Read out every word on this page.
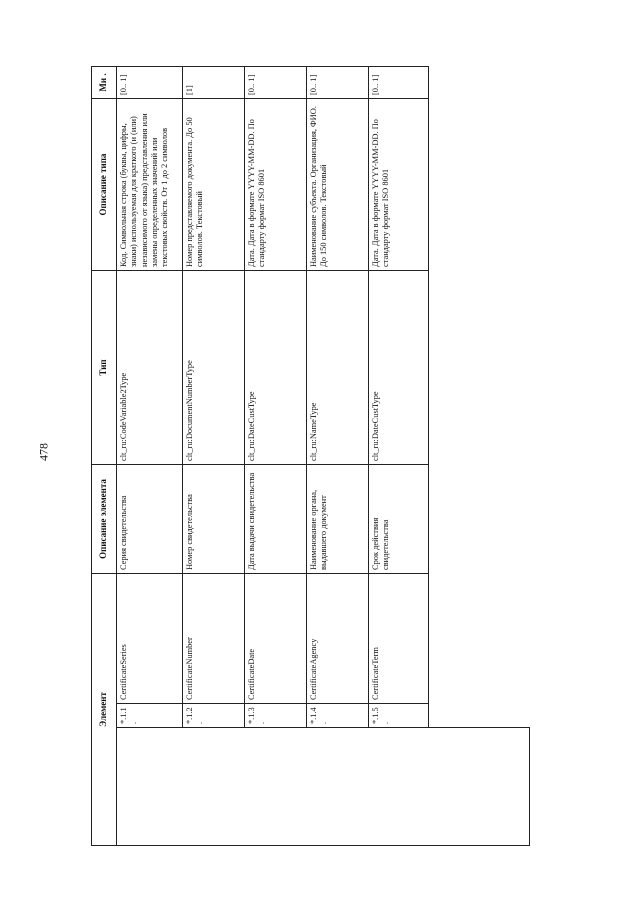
478
Элемент			Описание элемента	Тип	Описание типа	Ми .
	*.1.1.	CertificateSeries	Серия свидетельства	clt_ru:CodeVariable2Type	Код. Символьная строка (буквы, цифры, знаки) используемая для краткого (и (или) независимого от языка) представления или замены определенных значений или текстовых свойств. От 1 до 2 символов	[0.. 1]
	*.1.2.	CertificateNumber	Номер свидетельства	clt_ru:DocumentNumberType	Номер представляемого документа. До 50 символов. Текстовый	[1]
	*.1.3.	CertificateDate	Дата выдачи свидетельства	clt_ru:DateCustType	Дата. Дата в формате YYYY-MM-DD. По стандарту формат ISO 8601	[0.. 1]
	*.1.4.	CertificateAgency	Наименование органа, выдавшего документ	clt_ru:NameType	Наименование субъекта. Организация, ФИО. До 150 символов. Текстовый	[0.. 1]
	*.1.5.	CertificateTerm	Срок действия свидетельства	clt_ru:DateCustType	Дата. Дата в формате YYYY-MM-DD. По стандарту формат ISO 8601	[0.. 1]
